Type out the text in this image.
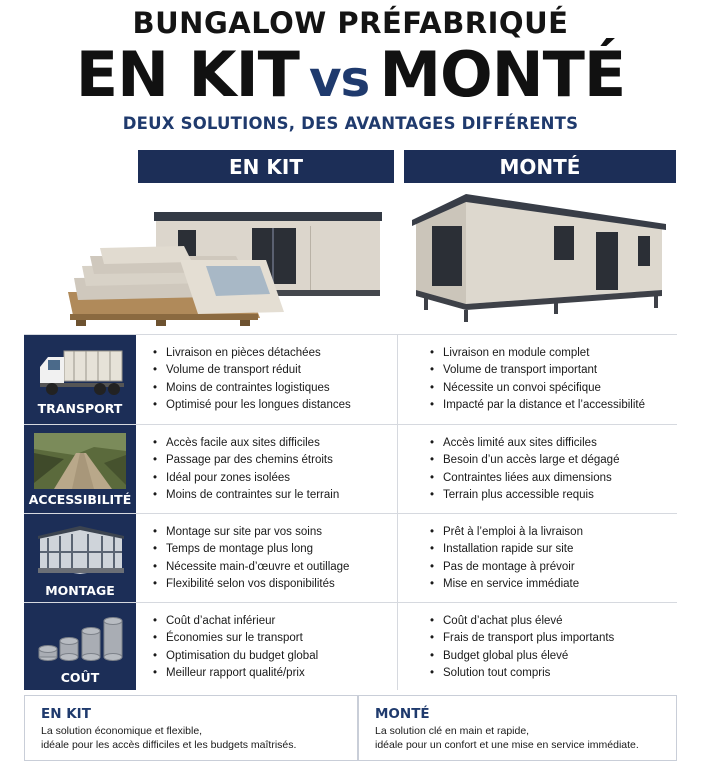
BUNGALOW PRÉFABRIQUÉ
EN KIT vs MONTÉ
DEUX SOLUTIONS, DES AVANTAGES DIFFÉRENTS
EN KIT	MONTÉ
TRANSPORT
• Livraison en pièces détachées
• Volume de transport réduit
• Moins de contraintes logistiques
• Optimisé pour les longues distances
• Livraison en module complet
• Volume de transport important
• Nécessite un convoi spécifique
• Impacté par la distance et l’accessibilité
ACCESSIBILITÉ
• Accès facile aux sites difficiles
• Passage par des chemins étroits
• Idéal pour zones isolées
• Moins de contraintes sur le terrain
• Accès limité aux sites difficiles
• Besoin d’un accès large et dégagé
• Contraintes liées aux dimensions
• Terrain plus accessible requis
MONTAGE
• Montage sur site par vos soins
• Temps de montage plus long
• Nécessite main-d’œuvre et outillage
• Flexibilité selon vos disponibilités
• Prêt à l’emploi à la livraison
• Installation rapide sur site
• Pas de montage à prévoir
• Mise en service immédiate
COÛT
• Coût d’achat inférieur
• Économies sur le transport
• Optimisation du budget global
• Meilleur rapport qualité/prix
• Coût d’achat plus élevé
• Frais de transport plus importants
• Budget global plus élevé
• Solution tout compris
EN KIT

La solution économique et flexible,

idéale pour les accès difficiles et les budgets maîtrisés.

MONTÉ

La solution clé en main et rapide,

idéale pour un confort et une mise en service immédiate.
